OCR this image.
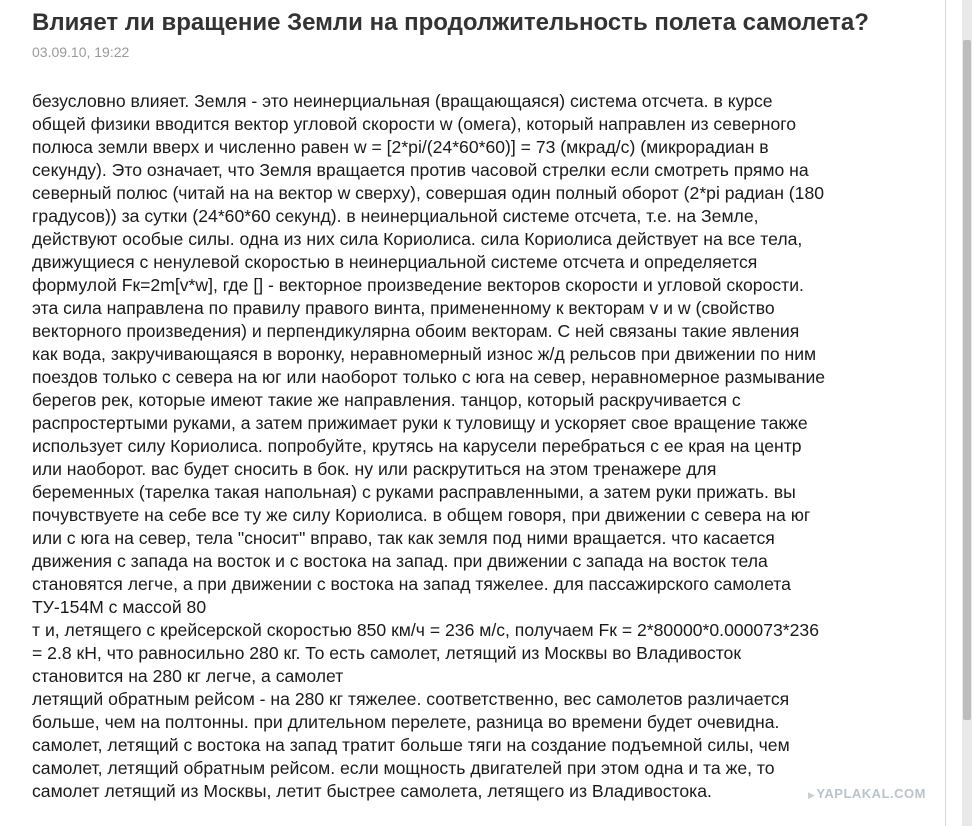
Влияет ли вращение Земли на продолжительность полета самолета?
03.09.10, 19:22
безусловно влияет. Земля - это неинерциальная (вращающаяся) система отсчета. в курсе
общей физики вводится вектор угловой скорости w (омега), который направлен из северного
полюса земли вверх и численно равен w = [2*pi/(24*60*60)] = 73 (мкрад/с) (микрорадиан в
секунду). Это означает, что Земля вращается против часовой стрелки если смотреть прямо на
северный полюс (читай на на вектор w сверху), совершая один полный оборот (2*pi радиан (180
градусов)) за сутки (24*60*60 секунд). в неинерциальной системе отсчета, т.е. на Земле,
действуют особые силы. одна из них сила Кориолиса. сила Кориолиса действует на все тела,
движущиеся с ненулевой скоростью в неинерциальной системе отсчета и определяется
формулой Fк=2m[v*w], где [] - векторное произведение векторов скорости и угловой скорости.
эта сила направлена по правилу правого винта, примененному к векторам v и w (свойство
векторного произведения) и перпендикулярна обоим векторам. С ней связаны такие явления
как вода, закручивающаяся в воронку, неравномерный износ ж/д рельсов при движении по ним
поездов только с севера на юг или наоборот только с юга на север, неравномерное размывание
берегов рек, которые имеют такие же направления. танцор, который раскручивается с
распростертыми руками, а затем прижимает руки к туловищу и ускоряет свое вращение также
использует силу Кориолиса. попробуйте, крутясь на карусели перебраться с ее края на центр
или наоборот. вас будет сносить в бок. ну или раскрутиться на этом тренажере для
беременных (тарелка такая напольная) с руками расправленными, а затем руки прижать. вы
почувствуете на себе все ту же силу Кориолиса. в общем говоря, при движении с севера на юг
или с юга на север, тела "сносит" вправо, так как земля под ними вращается. что касается
движения с запада на восток и с востока на запад. при движении с запада на восток тела
становятся легче, а при движении с востока на запад тяжелее. для пассажирского самолета
ТУ-154М с массой 80
т и, летящего с крейсерской скоростью 850 км/ч = 236 м/с, получаем Fк = 2*80000*0.000073*236
= 2.8 кН, что равносильно 280 кг. То есть самолет, летящий из Москвы во Владивосток
становится на 280 кг легче, а самолет
летящий обратным рейсом - на 280 кг тяжелее. соответственно, вес самолетов различается
больше, чем на полтонны. при длительном перелете, разница во времени будет очевидна.
самолет, летящий с востока на запад тратит больше тяги на создание подъемной силы, чем
самолет, летящий обратным рейсом. если мощность двигателей при этом одна и та же, то
самолет летящий из Москвы, летит быстрее самолета, летящего из Владивостока.	▶YAPLAKAL.COM
